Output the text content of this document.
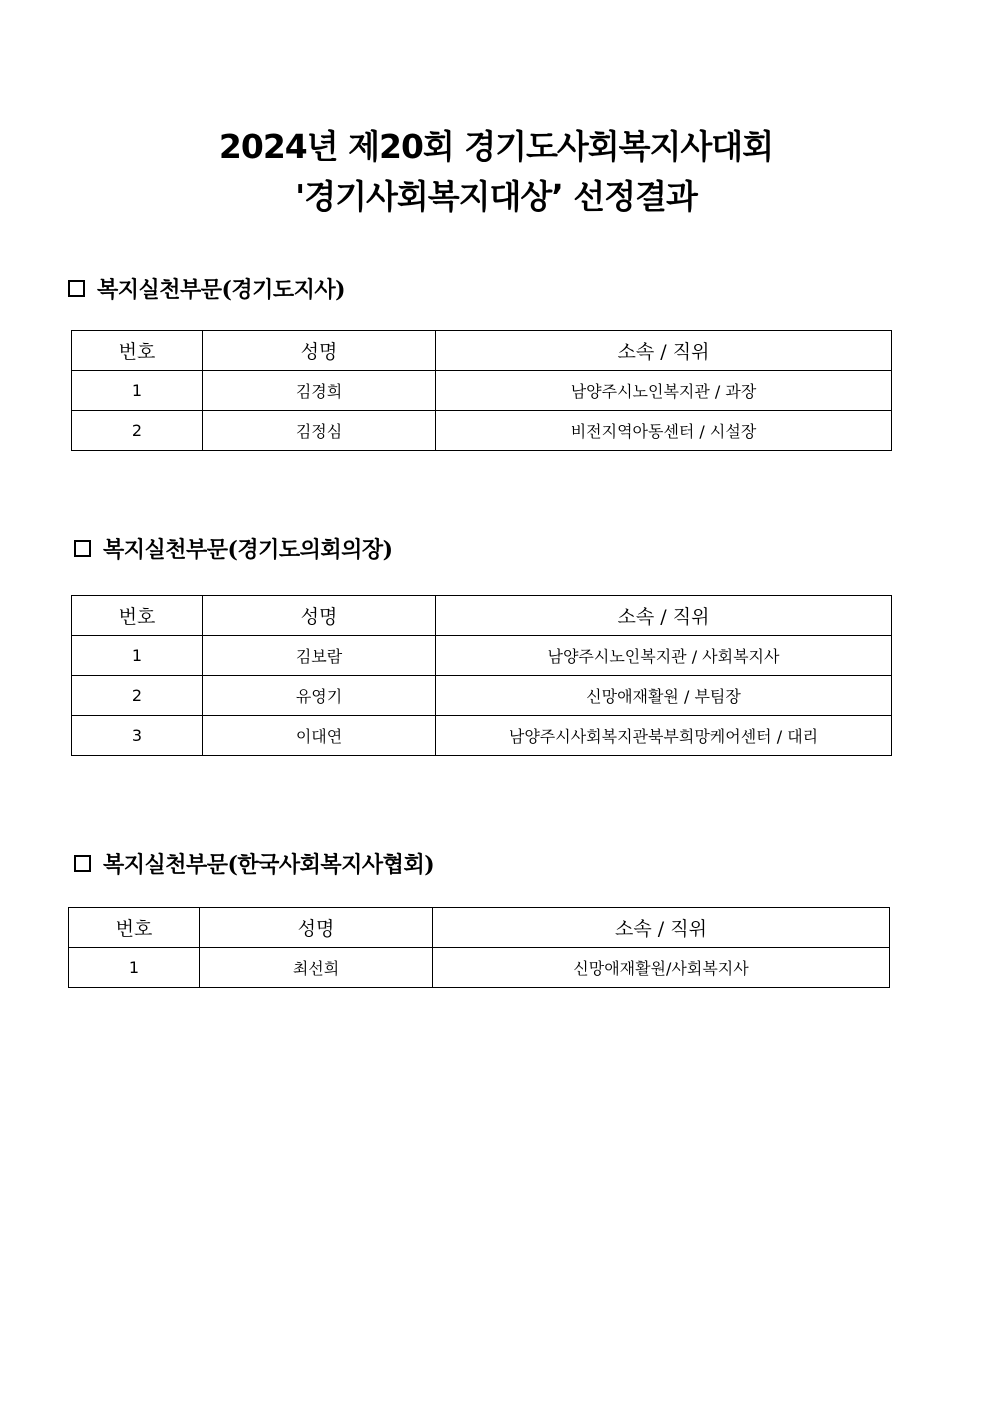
2024년 제20회 경기도사회복지사대회
'경기사회복지대상’ 선정결과
복지실천부문(경기도지사)
번호	성명	소속 / 직위
1	김경희	남양주시노인복지관 / 과장
2	김정심	비전지역아동센터 / 시설장
복지실천부문(경기도의회의장)
번호	성명	소속 / 직위
1	김보람	남양주시노인복지관 / 사회복지사
2	유영기	신망애재활원 / 부팀장
3	이대연	남양주시사회복지관북부희망케어센터 / 대리
복지실천부문(한국사회복지사협회)
번호	성명	소속 / 직위
1	최선희	신망애재활원/사회복지사
